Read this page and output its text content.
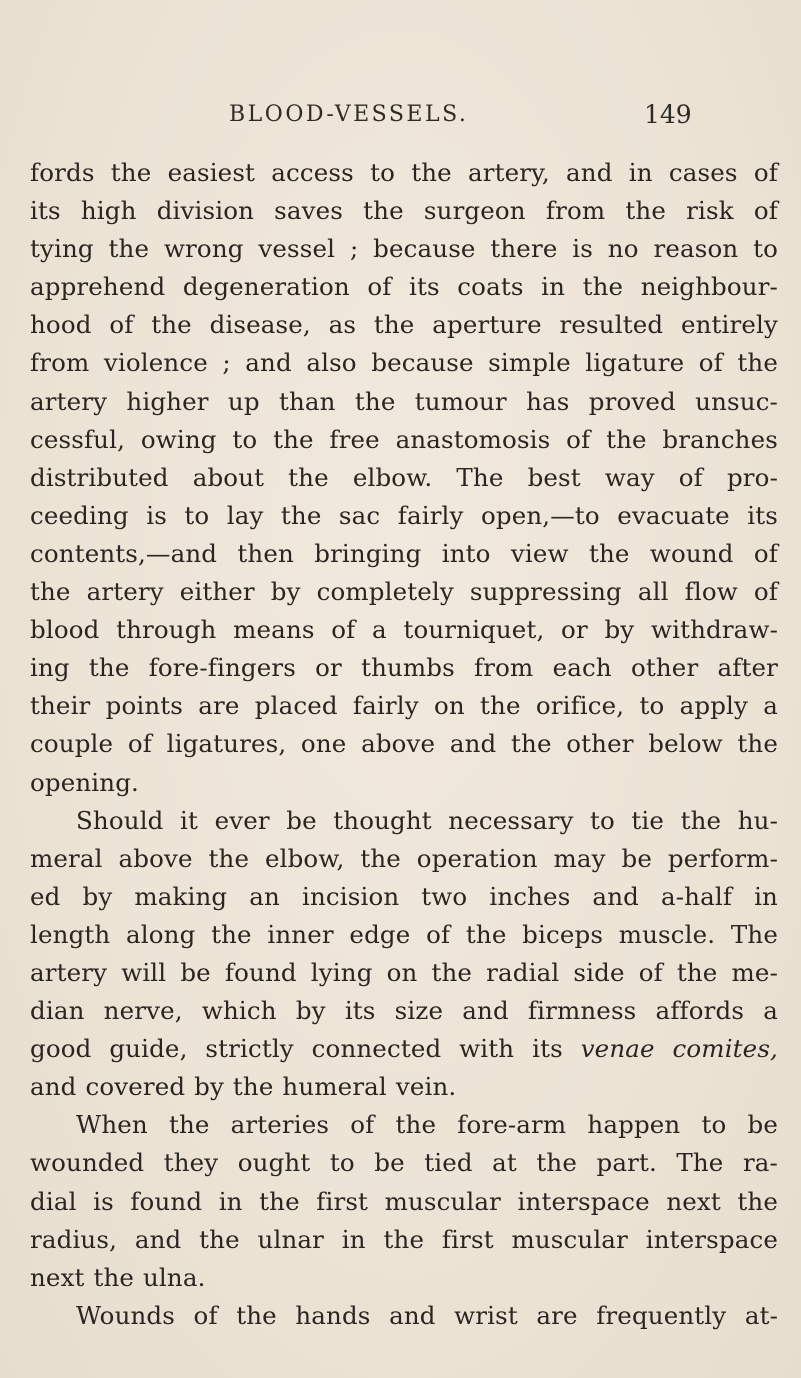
BLOOD-VESSELS.	149
fords the easiest access to the artery, and in cases of
its high division saves the surgeon from the risk of
tying the wrong vessel ; because there is no reason to
apprehend degeneration of its coats in the neighbour-
hood of the disease, as the aperture resulted entirely
from violence ; and also because simple ligature of the
artery higher up than the tumour has proved unsuc-
cessful, owing to the free anastomosis of the branches
distributed about the elbow. The best way of pro-
ceeding is to lay the sac fairly open,—to evacuate its
contents,—and then bringing into view the wound of
the artery either by completely suppressing all flow of
blood through means of a tourniquet, or by withdraw-
ing the fore-fingers or thumbs from each other after
their points are placed fairly on the orifice, to apply a
couple of ligatures, one above and the other below the
opening.
Should it ever be thought necessary to tie the hu-
meral above the elbow, the operation may be perform-
ed by making an incision two inches and a-half in
length along the inner edge of the biceps muscle. The
artery will be found lying on the radial side of the me-
dian nerve, which by its size and firmness affords a
good guide, strictly connected with its venae comites,
and covered by the humeral vein.
When the arteries of the fore-arm happen to be
wounded they ought to be tied at the part. The ra-
dial is found in the first muscular interspace next the
radius, and the ulnar in the first muscular interspace
next the ulna.
Wounds of the hands and wrist are frequently at-
